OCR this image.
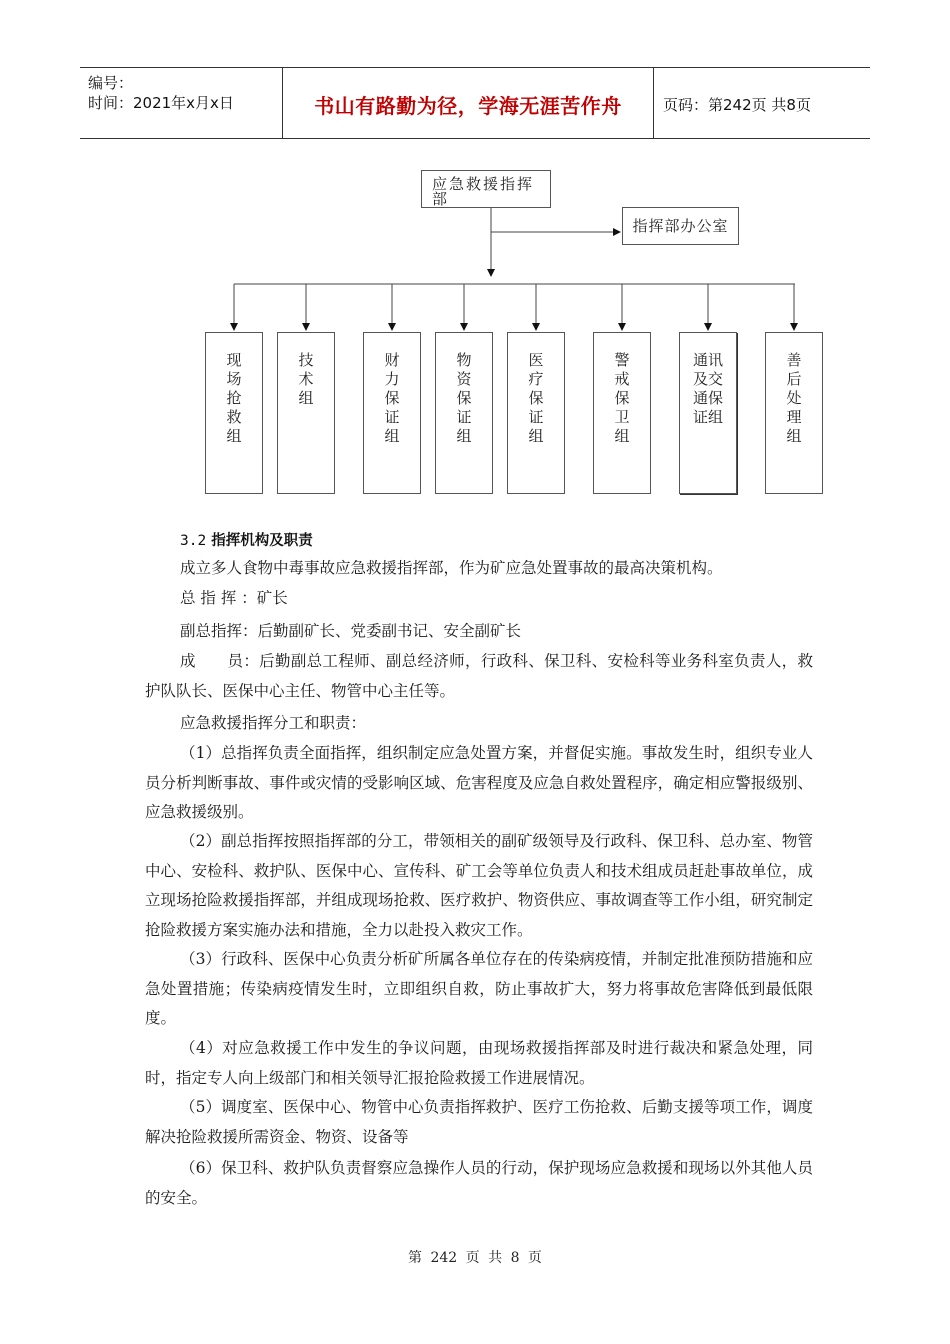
编号：
时间：2021年x月x日	书山有路勤为径，学海无涯苦作舟	页码：第242页 共8页
应急救援指挥部
指挥部办公室
现
场
抢
救
组
技
术
组
财
力
保
证
组
物
资
保
证
组
医
疗
保
证
组
警
戒
保
卫
组
通讯及交通保证组
善
后
处
理
组
3.2 指挥机构及职责
成立多人食物中毒事故应急救援指挥部，作为矿应急处置事故的最高决策机构。
总 指 挥 ：矿长
副总指挥：后勤副矿长、党委副书记、安全副矿长
成　　员：后勤副总工程师、副总经济师，行政科、保卫科、安检科等业务科室负责人，救护队队长、医保中心主任、物管中心主任等。
应急救援指挥分工和职责：
（1）总指挥负责全面指挥，组织制定应急处置方案，并督促实施。事故发生时，组织专业人员分析判断事故、事件或灾情的受影响区域、危害程度及应急自救处置程序，确定相应警报级别、应急救援级别。
（2）副总指挥按照指挥部的分工，带领相关的副矿级领导及行政科、保卫科、总办室、物管中心、安检科、救护队、医保中心、宣传科、矿工会等单位负责人和技术组成员赶赴事故单位，成立现场抢险救援指挥部，并组成现场抢救、医疗救护、物资供应、事故调查等工作小组，研究制定抢险救援方案实施办法和措施，全力以赴投入救灾工作。
（3）行政科、医保中心负责分析矿所属各单位存在的传染病疫情，并制定批准预防措施和应急处置措施；传染病疫情发生时，立即组织自救，防止事故扩大，努力将事故危害降低到最低限度。
（4）对应急救援工作中发生的争议问题，由现场救援指挥部及时进行裁决和紧急处理，同时，指定专人向上级部门和相关领导汇报抢险救援工作进展情况。
（5）调度室、医保中心、物管中心负责指挥救护、医疗工伤抢救、后勤支援等项工作，调度解决抢险救援所需资金、物资、设备等
（6）保卫科、救护队负责督察应急操作人员的行动，保护现场应急救援和现场以外其他人员的安全。
第 242 页 共 8 页
